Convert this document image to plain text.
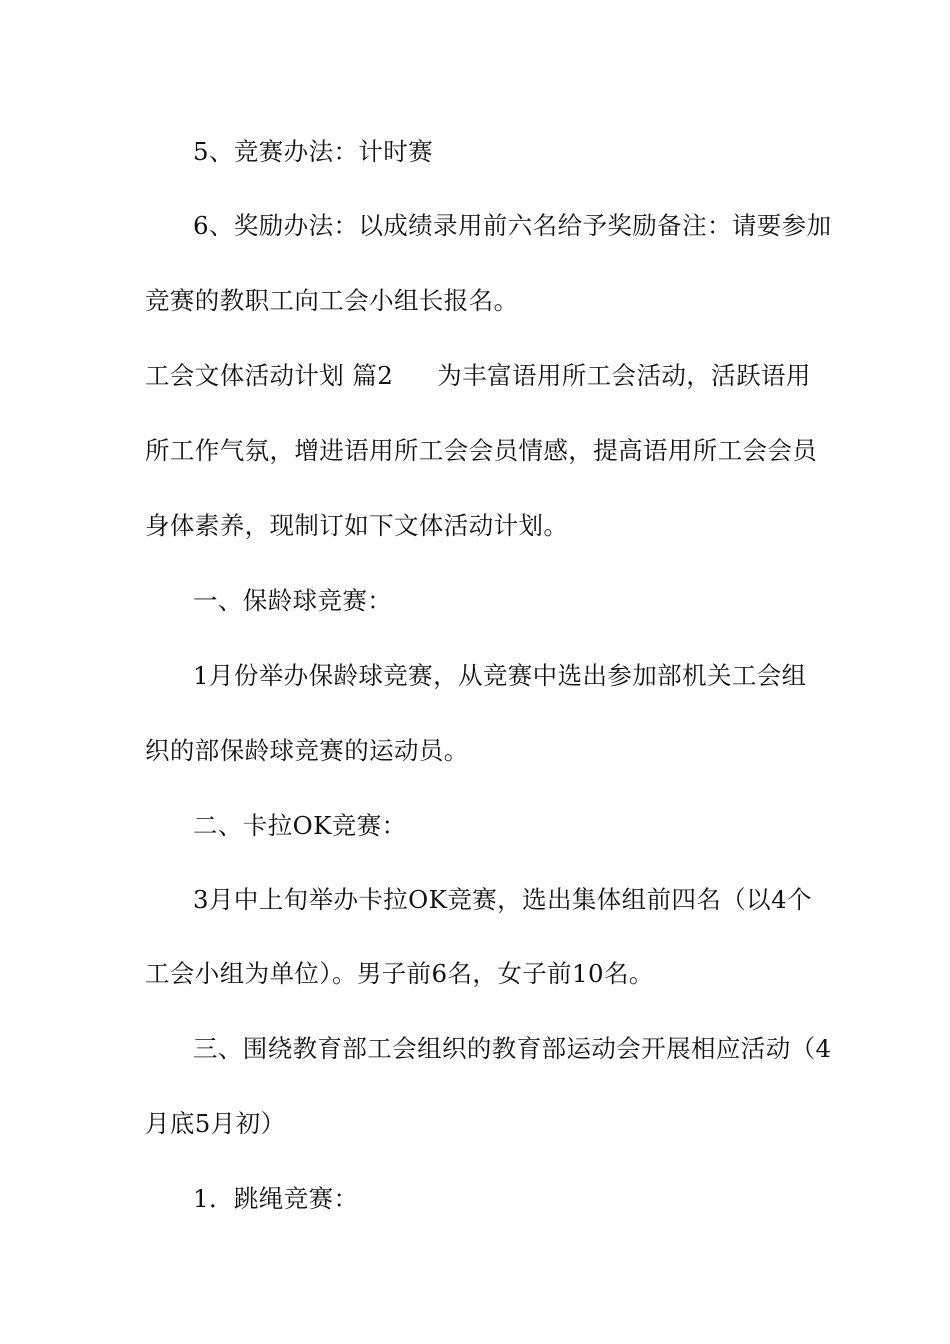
5、竞赛办法：计时赛
6、奖励办法：以成绩录用前六名给予奖励备注：请要参加
竞赛的教职工向工会小组长报名。
工会文体活动计划 篇2 为丰富语用所工会活动，活跃语用
所工作气氛，增进语用所工会会员情感，提高语用所工会会员
身体素养，现制订如下文体活动计划。
一、保龄球竞赛：
1月份举办保龄球竞赛，从竞赛中选出参加部机关工会组
织的部保龄球竞赛的运动员。
二、卡拉OK竞赛：
3月中上旬举办卡拉OK竞赛，选出集体组前四名（以4个
工会小组为单位）。男子前6名，女子前10名。
三、围绕教育部工会组织的教育部运动会开展相应活动（4
月底5月初）
1．跳绳竞赛：
